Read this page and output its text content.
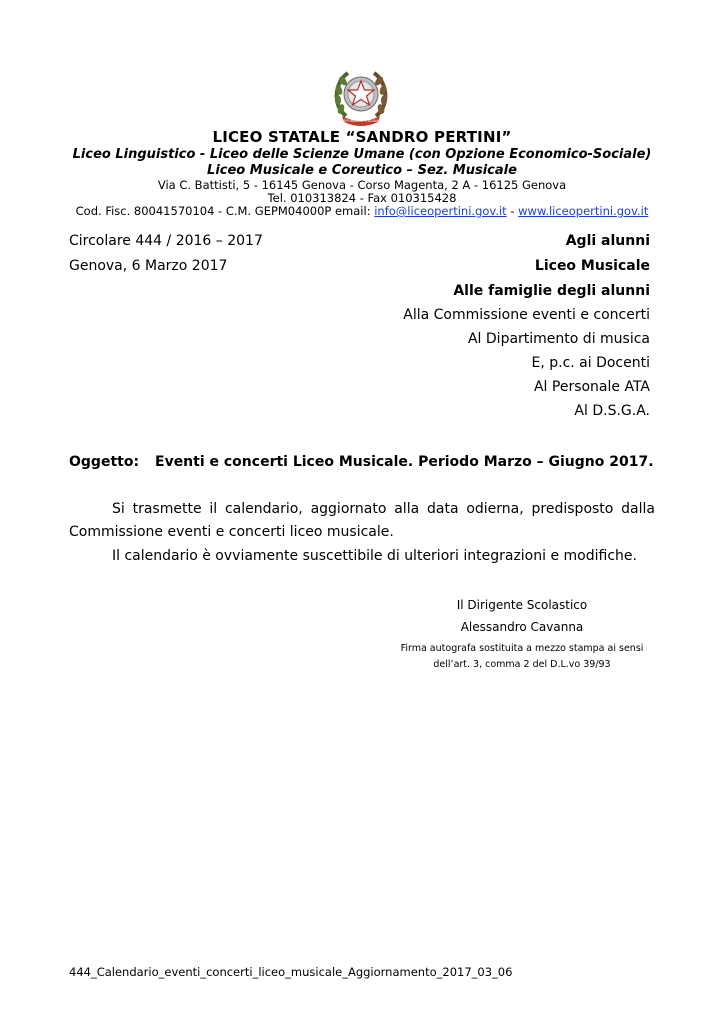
REPUBBLICA ITALIANA
LICEO STATALE “SANDRO PERTINI”
Liceo Linguistico - Liceo delle Scienze Umane (con Opzione Economico-Sociale)
Liceo Musicale e Coreutico – Sez. Musicale
Via C. Battisti, 5 - 16145 Genova - Corso Magenta, 2 A - 16125 Genova
Tel. 010313824 - Fax 010315428
Cod. Fisc. 80041570104 - C.M. GEPM04000P email: info@liceopertini.gov.it - www.liceopertini.gov.it
Circolare 444 / 2016 – 2017
Genova, 6 Marzo 2017
Agli alunni
Liceo Musicale
Alle famiglie degli alunni
Alla Commissione eventi e concerti
Al Dipartimento di musica
E, p.c. ai Docenti
Al Personale ATA
Al D.S.G.A.
Oggetto: Eventi e concerti Liceo Musicale. Periodo Marzo – Giugno 2017.
Si trasmette il calendario, aggiornato alla data odierna, predisposto dalla Commissione eventi e concerti liceo musicale.
Il calendario è ovviamente suscettibile di ulteriori integrazioni e modifiche.
Il Dirigente Scolastico
Alessandro Cavanna
Firma autografa sostituita a mezzo stampa ai sensi
dell’art. 3, comma 2 del D.L.vo 39/93
444_Calendario_eventi_concerti_liceo_musicale_Aggiornamento_2017_03_06
